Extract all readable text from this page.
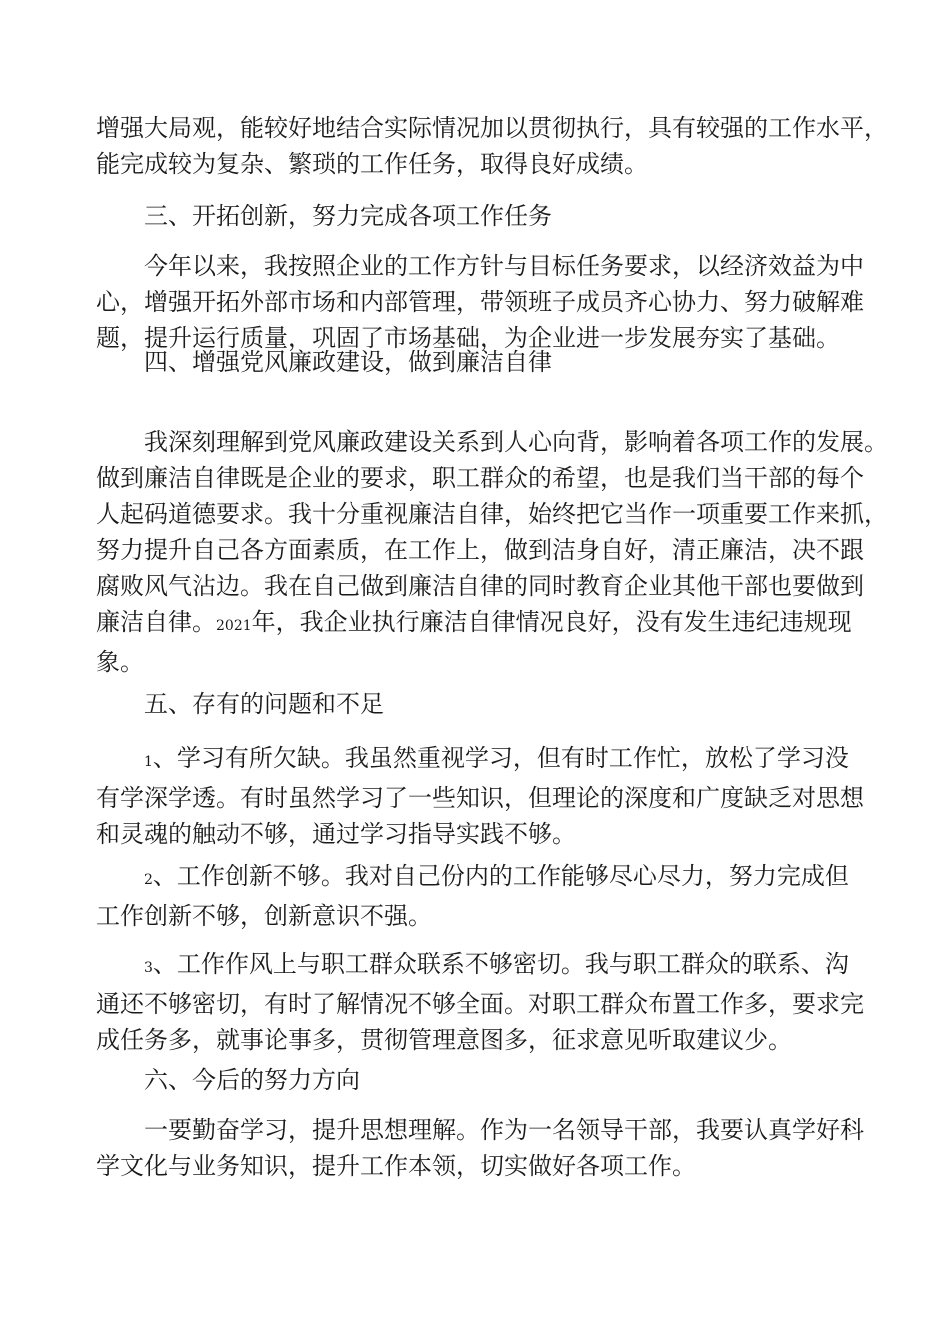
增强大局观，能较好地结合实际情况加以贯彻执行，具有较强的工作水平，
能完成较为复杂、繁琐的工作任务，取得良好成绩。
三、开拓创新，努力完成各项工作任务
今年以来，我按照企业的工作方针与目标任务要求，以经济效益为中
心，增强开拓外部市场和内部管理，带领班子成员齐心协力、努力破解难
题，提升运行质量，巩固了市场基础，为企业进一步发展夯实了基础。
四、增强党风廉政建设，做到廉洁自律
我深刻理解到党风廉政建设关系到人心向背，影响着各项工作的发展。
做到廉洁自律既是企业的要求，职工群众的希望，也是我们当干部的每个
人起码道德要求。我十分重视廉洁自律，始终把它当作一项重要工作来抓，
努力提升自己各方面素质，在工作上，做到洁身自好，清正廉洁，决不跟
腐败风气沾边。我在自己做到廉洁自律的同时教育企业其他干部也要做到
廉洁自律。2021年，我企业执行廉洁自律情况良好，没有发生违纪违规现
象。
五、存有的问题和不足
1、学习有所欠缺。我虽然重视学习，但有时工作忙，放松了学习没
有学深学透。有时虽然学习了一些知识，但理论的深度和广度缺乏对思想
和灵魂的触动不够，通过学习指导实践不够。
2、工作创新不够。我对自己份内的工作能够尽心尽力，努力完成但
工作创新不够，创新意识不强。
3、工作作风上与职工群众联系不够密切。我与职工群众的联系、沟
通还不够密切，有时了解情况不够全面。对职工群众布置工作多，要求完
成任务多，就事论事多，贯彻管理意图多，征求意见听取建议少。
六、今后的努力方向
一要勤奋学习，提升思想理解。作为一名领导干部，我要认真学好科
学文化与业务知识，提升工作本领，切实做好各项工作。
